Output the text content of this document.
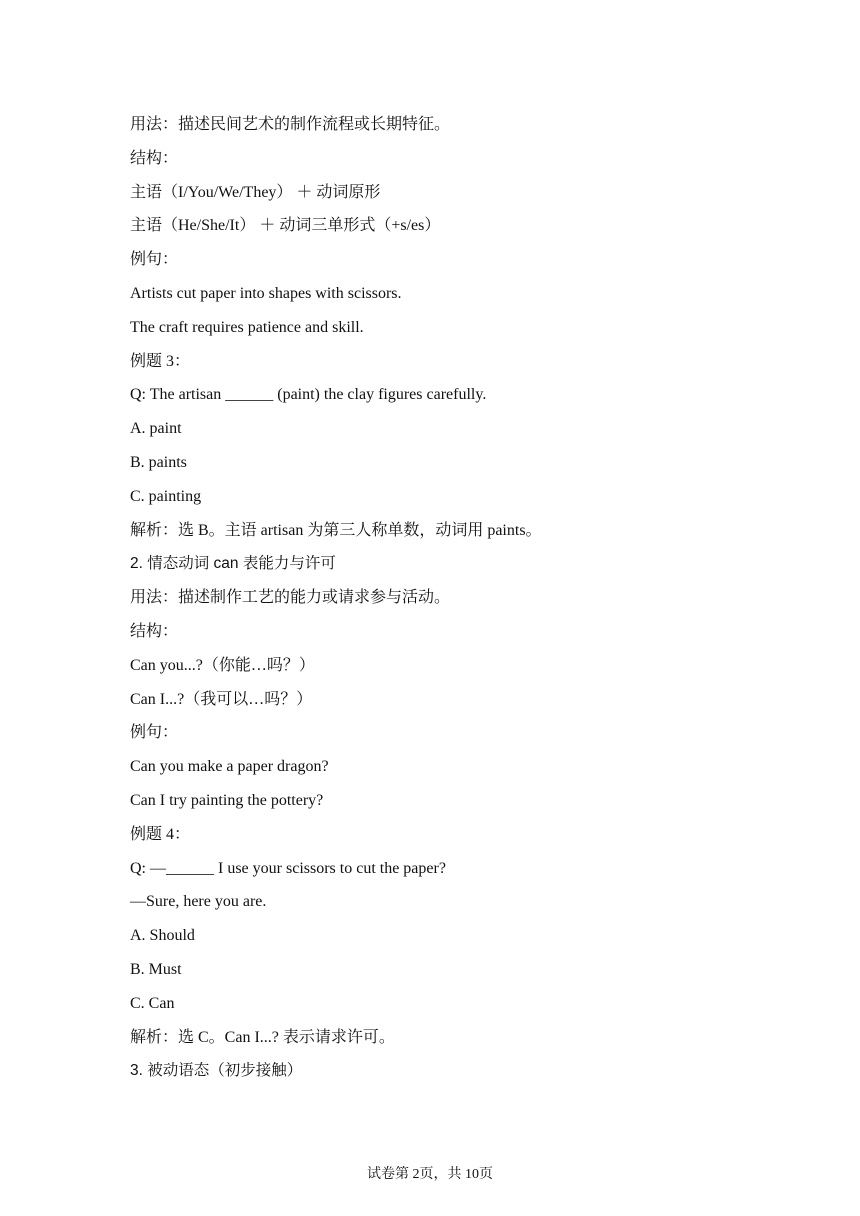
用法：描述民间艺术的制作流程或长期特征。
结构：
主语（I/You/We/They） ＋ 动词原形
主语（He/She/It） ＋ 动词三单形式（+s/es）
例句：
Artists cut paper into shapes with scissors.
The craft requires patience and skill.
例题 3：
Q: The artisan ______ (paint) the clay figures carefully.
A. paint
B. paints
C. painting
解析：选 B。主语 artisan 为第三人称单数，动词用 paints。
2. 情态动词 can 表能力与许可
用法：描述制作工艺的能力或请求参与活动。
结构：
Can you...?（你能…吗？）
Can I...?（我可以…吗？）
例句：
Can you make a paper dragon?
Can I try painting the pottery?
例题 4：
Q: —______ I use your scissors to cut the paper?
—Sure, here you are.
A. Should
B. Must
C. Can
解析：选 C。Can I...? 表示请求许可。
3. 被动语态（初步接触）
试卷第 2页，共 10页
